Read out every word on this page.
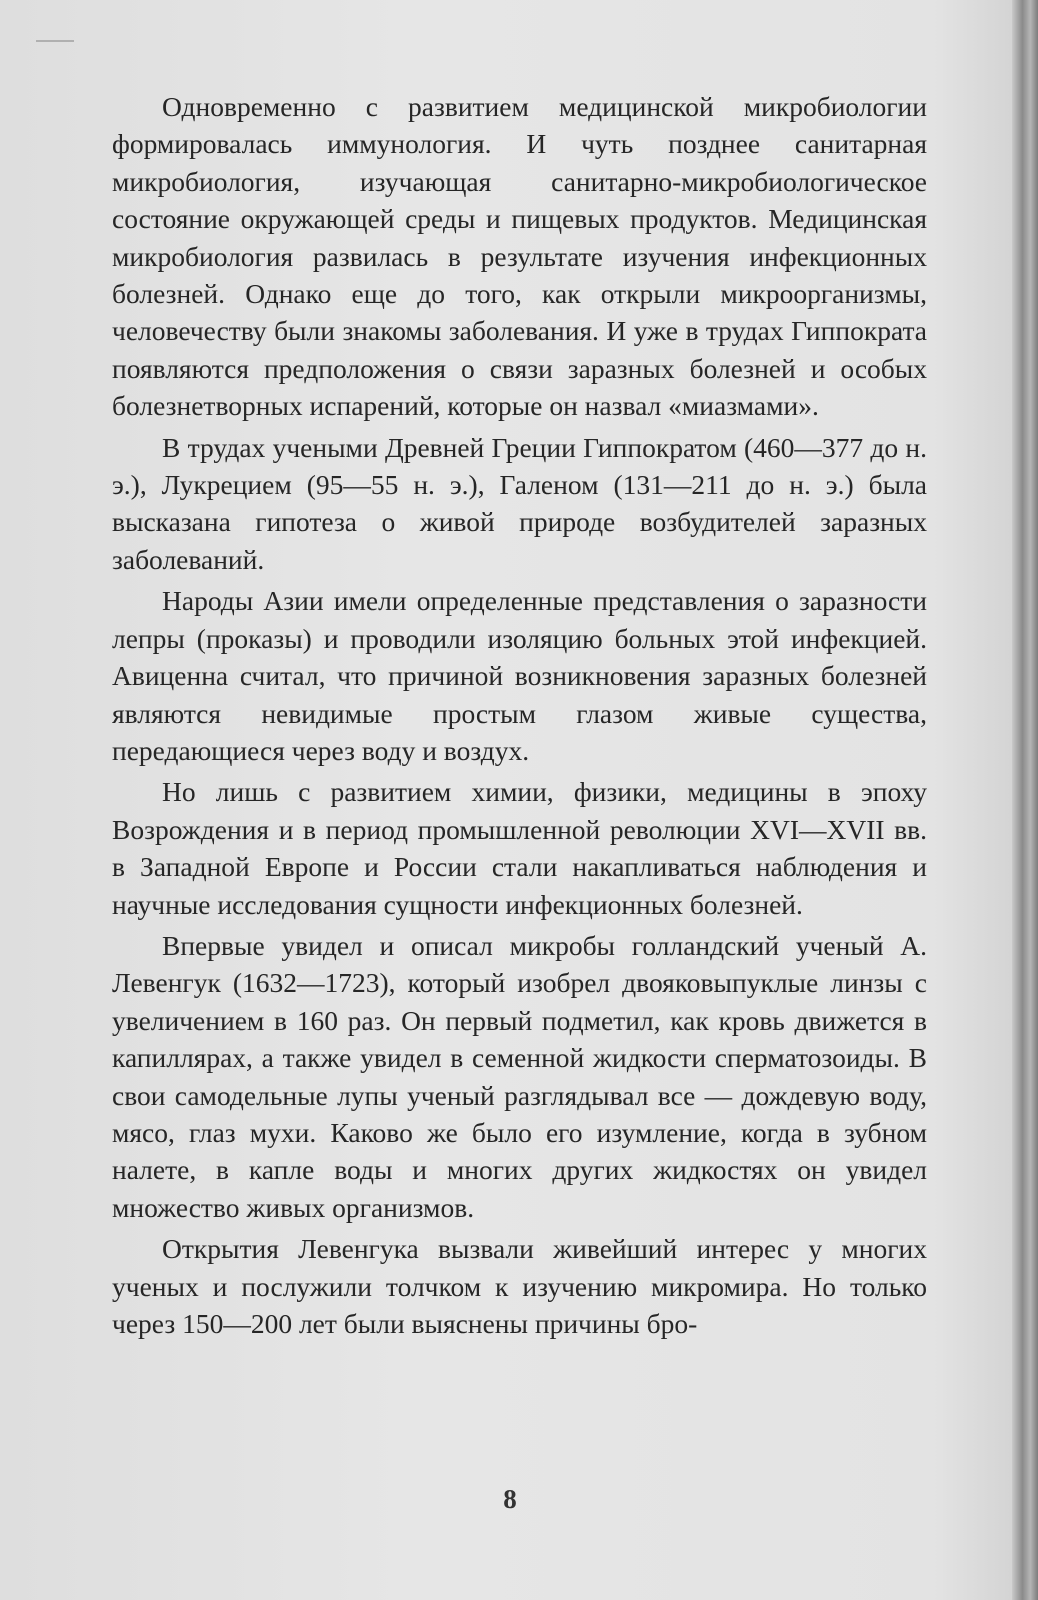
Одновременно с развитием медицинской микробиологии формировалась иммунология. И чуть позднее санитарная микробиология, изучающая санитарно-микробиологическое состояние окружающей среды и пищевых продуктов. Медицинская микробиология развилась в результате изучения инфекционных болезней. Однако еще до того, как открыли микроорганизмы, человечеству были знакомы заболевания. И уже в трудах Гиппократа появляются предположения о связи заразных болезней и особых болезнетворных испарений, которые он назвал «миазмами».

В трудах учеными Древней Греции Гиппократом (460—377 до н. э.), Лукрецием (95—55 н. э.), Галеном (131—211 до н. э.) была высказана гипотеза о живой природе возбудителей заразных заболеваний.

Народы Азии имели определенные представления о заразности лепры (проказы) и проводили изоляцию больных этой инфекцией. Авиценна считал, что причиной возникновения заразных болезней являются невидимые простым глазом живые существа, передающиеся через воду и воздух.

Но лишь с развитием химии, физики, медицины в эпоху Возрождения и в период промышленной революции XVI—XVII вв. в Западной Европе и России стали накапливаться наблюдения и научные исследования сущности инфекционных болезней.

Впервые увидел и описал микробы голландский ученый А. Левенгук (1632—1723), который изобрел двояковыпуклые линзы с увеличением в 160 раз. Он первый подметил, как кровь движется в капиллярах, а также увидел в семенной жидкости сперматозоиды. В свои самодельные лупы ученый разглядывал все — дождевую воду, мясо, глаз мухи. Каково же было его изумление, когда в зубном налете, в капле воды и многих других жидкостях он увидел множество живых организмов.

Открытия Левенгука вызвали живейший интерес у многих ученых и послужили толчком к изучению микромира. Но только через 150—200 лет были выяснены причины бро-

8
